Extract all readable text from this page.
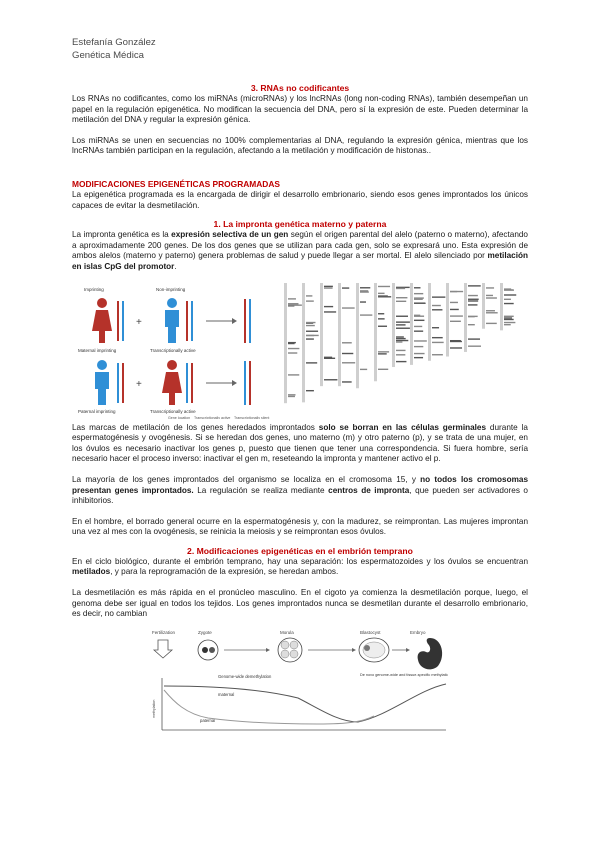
Estefanía González
Genética Médica
3. RNAs no codificantes

Los RNAs no codificantes, como los miRNAs (microRNAs) y los lncRNAs (long non-coding RNAs), también desempeñan un papel en la regulación epigenética. No modifican la secuencia del DNA, pero sí la expresión de este. Pueden determinar la metilación del DNA y regular la expresión génica.

Los miRNAs se unen en secuencias no 100% complementarias al DNA, regulando la expresión génica, mientras que los lncRNAs también participan en la regulación, afectando a la metilación y modificación de histonas..

MODIFICACIONES EPIGENÉTICAS PROGRAMADAS

La epigenética programada es la encargada de dirigir el desarrollo embrionario, siendo esos genes improntados los únicos capaces de evitar la desmetilación.

1. La impronta genética materno y paterna

La impronta genética es la expresión selectiva de un gen según el origen parental del alelo (paterno o materno), afectando a aproximadamente 200 genes. De los dos genes que se utilizan para cada gen, solo se expresará uno. Esta expresión de ambos alelos (materno y paterno) genera problemas de salud y puede llegar a ser mortal. El alelo silenciado por metilación en islas CpG del promotor.

+
Imprinting	Non-imprinting
Maternal imprinting	Transcriptionally active
+
Paternal imprinting	Transcriptionally active
Gene location Transcriptionally active Transcriptionally silent

Las marcas de metilación de los genes heredados improntados solo se borran en las células germinales durante la espermatogénesis y ovogénesis. Si se heredan dos genes, uno materno (m) y otro paterno (p), y se trata de una mujer, en los óvulos es necesario inactivar los genes p, puesto que tienen que tener una correspondencia. Si fuera hombre, sería necesario hacer el proceso inverso: inactivar el gen m, reseteando la impronta y mantener activo el p.

La mayoría de los genes improntados del organismo se localiza en el cromosoma 15, y no todos los cromosomas presentan genes improntados. La regulación se realiza mediante centros de impronta, que pueden ser activadores o inhibitorios.

En el hombre, el borrado general ocurre en la espermatogénesis y, con la madurez, se reimprontan. Las mujeres improntan una vez al mes con la ovogénesis, se reinicia la meiosis y se reimprontan esos óvulos.

2. Modificaciones epigenéticas en el embrión temprano

En el ciclo biológico, durante el embrión temprano, hay una separación: los espermatozoides y los óvulos se encuentran metilados, y para la reprogramación de la expresión, se heredan ambos.

La desmetilación es más rápida en el pronúcleo masculino. En el cigoto ya comienza la desmetilación porque, luego, el genoma debe ser igual en todos los tejidos. Los genes improntados nunca se desmetilan durante el desarrollo embrionario, es decir, no cambian

Fertilization	Zygote	Morula	Blastocyst	Embryo
methylation
Genome-wide demethylation	De novo genome-wide and tissue-specific methylation
maternal
paternal
